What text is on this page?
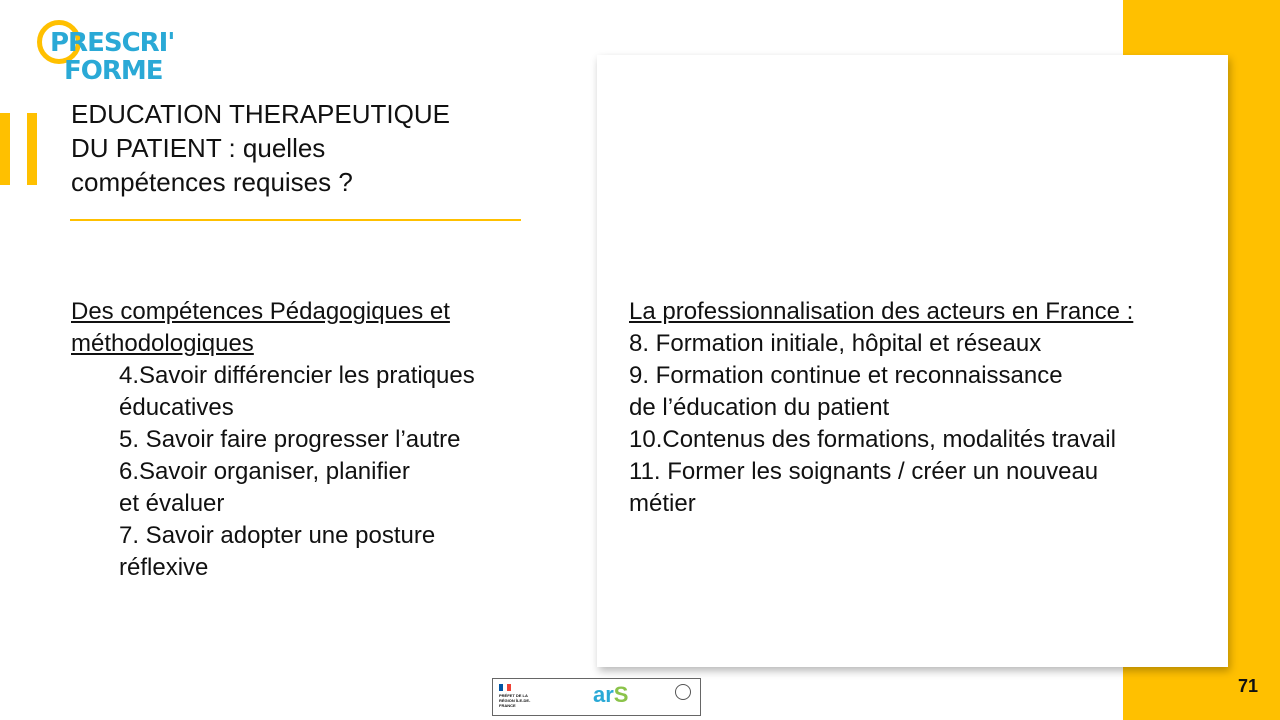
PRESCRI'
FORME
EDUCATION THERAPEUTIQUE
DU PATIENT : quelles
compétences requises ?
Des compétences Pédagogiques et
méthodologiques
4.Savoir différencier les pratiques
éducatives
5. Savoir faire progresser l’autre
6.Savoir organiser, planifier
et évaluer
7. Savoir adopter une posture
réflexive
La professionnalisation des acteurs en France :
8. Formation initiale, hôpital et réseaux
9. Formation continue et reconnaissance
de l’éducation du patient
10.Contenus des formations, modalités travail
11. Former les soignants / créer un nouveau
métier
PRÉFET DE LA RÉGION ÎLE-DE-FRANCE	arS	71
